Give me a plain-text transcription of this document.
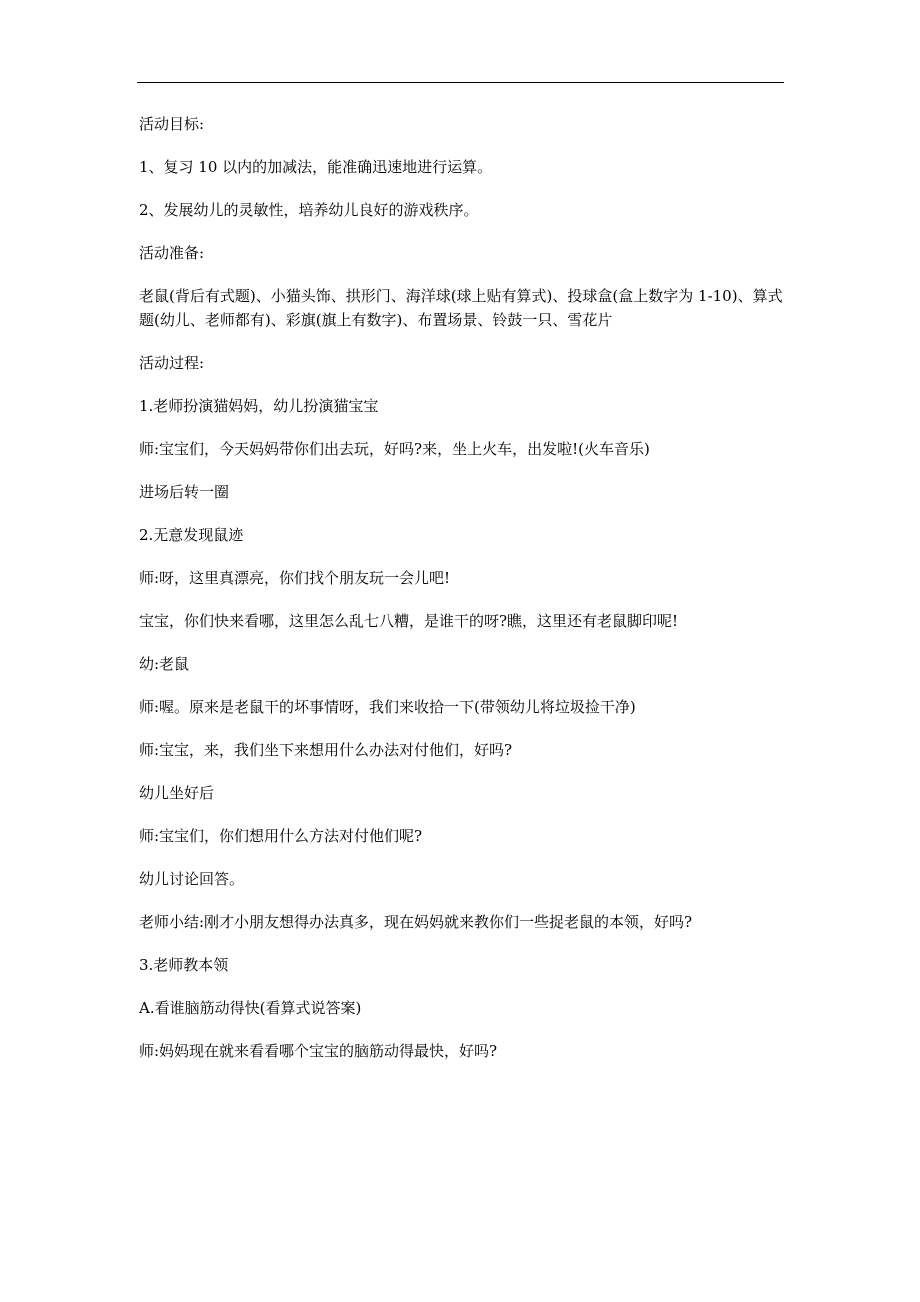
活动目标:

1、复习 10 以内的加减法，能准确迅速地进行运算。

2、发展幼儿的灵敏性，培养幼儿良好的游戏秩序。

活动准备:

老鼠(背后有式题)、小猫头饰、拱形门、海洋球(球上贴有算式)、投球盒(盒上数字为 1-10)、算式题(幼儿、老师都有)、彩旗(旗上有数字)、布置场景、铃鼓一只、雪花片

活动过程:

1.老师扮演猫妈妈，幼儿扮演猫宝宝

师:宝宝们，今天妈妈带你们出去玩，好吗?来，坐上火车，出发啦!(火车音乐)

进场后转一圈

2.无意发现鼠迹

师:呀，这里真漂亮，你们找个朋友玩一会儿吧!

宝宝，你们快来看哪，这里怎么乱七八糟，是谁干的呀?瞧，这里还有老鼠脚印呢!

幼:老鼠

师:喔。原来是老鼠干的坏事情呀，我们来收拾一下(带领幼儿将垃圾捡干净)

师:宝宝，来，我们坐下来想用什么办法对付他们，好吗?

幼儿坐好后

师:宝宝们，你们想用什么方法对付他们呢?

幼儿讨论回答。

老师小结:刚才小朋友想得办法真多，现在妈妈就来教你们一些捉老鼠的本领，好吗?

3.老师教本领

A.看谁脑筋动得快(看算式说答案)

师:妈妈现在就来看看哪个宝宝的脑筋动得最快，好吗?
